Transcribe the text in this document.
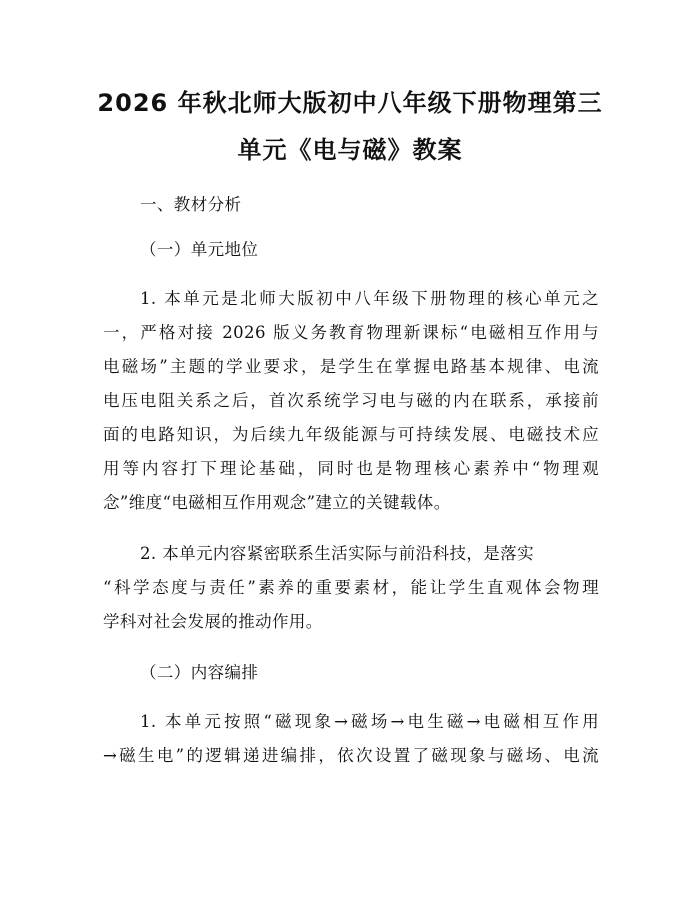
2026 年秋北师大版初中八年级下册物理第三
单元《电与磁》教案
一、教材分析
（一）单元地位
1. 本单元是北师大版初中八年级下册物理的核心单元之
一，严格对接 2026 版义务教育物理新课标“电磁相互作用与
电磁场”主题的学业要求，是学生在掌握电路基本规律、电流
电压电阻关系之后，首次系统学习电与磁的内在联系，承接前
面的电路知识，为后续九年级能源与可持续发展、电磁技术应
用等内容打下理论基础，同时也是物理核心素养中“物理观
念”维度“电磁相互作用观念”建立的关键载体。
2. 本单元内容紧密联系生活实际与前沿科技，是落实
“科学态度与责任”素养的重要素材，能让学生直观体会物理
学科对社会发展的推动作用。
（二）内容编排
1. 本单元按照“磁现象→磁场→电生磁→电磁相互作用
→磁生电”的逻辑递进编排，依次设置了磁现象与磁场、电流
